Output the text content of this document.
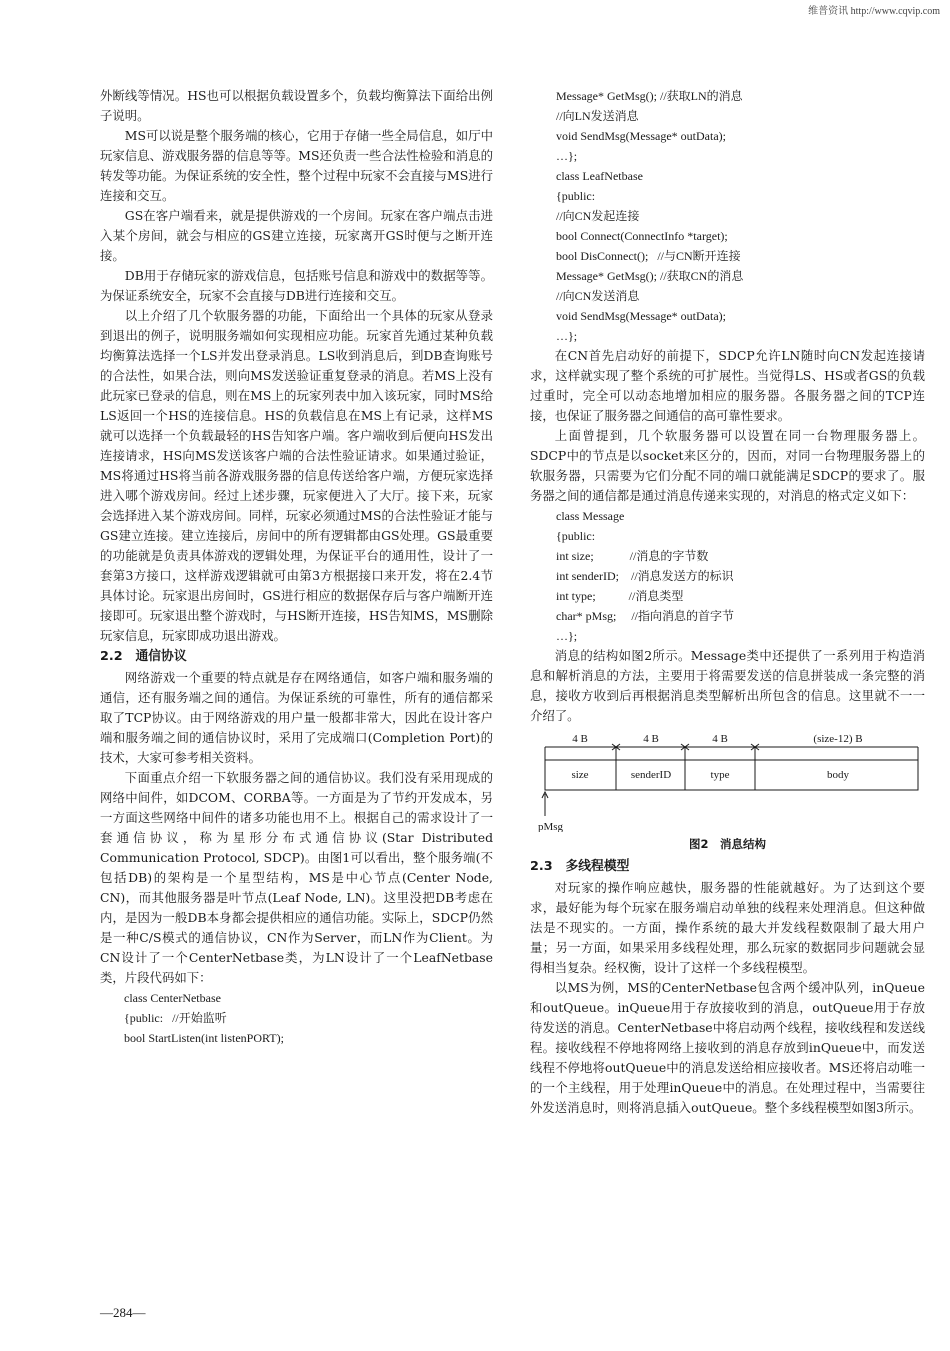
维普资讯 http://www.cqvip.com

外断线等情况。HS也可以根据负载设置多个，负载均衡算法下面给出例子说明。

MS可以说是整个服务端的核心，它用于存储一些全局信息，如厅中玩家信息、游戏服务器的信息等等。MS还负责一些合法性检验和消息的转发等功能。为保证系统的安全性，整个过程中玩家不会直接与MS进行连接和交互。

GS在客户端看来，就是提供游戏的一个房间。玩家在客户端点击进入某个房间，就会与相应的GS建立连接，玩家离开GS时便与之断开连接。

DB用于存储玩家的游戏信息，包括账号信息和游戏中的数据等等。为保证系统安全，玩家不会直接与DB进行连接和交互。

以上介绍了几个软服务器的功能，下面给出一个具体的玩家从登录到退出的例子，说明服务端如何实现相应功能。玩家首先通过某种负载均衡算法选择一个LS并发出登录消息。LS收到消息后，到DB查询账号的合法性，如果合法，则向MS发送验证重复登录的消息。若MS上没有此玩家已登录的信息，则在MS上的玩家列表中加入该玩家，同时MS给LS返回一个HS的连接信息。HS的负载信息在MS上有记录，这样MS就可以选择一个负载最轻的HS告知客户端。客户端收到后便向HS发出连接请求，HS向MS发送该客户端的合法性验证请求。如果通过验证，MS将通过HS将当前各游戏服务器的信息传送给客户端，方便玩家选择进入哪个游戏房间。经过上述步骤，玩家便进入了大厅。接下来，玩家会选择进入某个游戏房间。同样，玩家必须通过MS的合法性验证才能与GS建立连接。建立连接后，房间中的所有逻辑都由GS处理。GS最重要的功能就是负责具体游戏的逻辑处理，为保证平台的通用性，设计了一套第3方接口，这样游戏逻辑就可由第3方根据接口来开发，将在2.4节具体讨论。玩家退出房间时，GS进行相应的数据保存后与客户端断开连接即可。玩家退出整个游戏时，与HS断开连接，HS告知MS，MS删除玩家信息，玩家即成功退出游戏。

2.2　通信协议

网络游戏一个重要的特点就是存在网络通信，如客户端和服务端的通信，还有服务端之间的通信。为保证系统的可靠性，所有的通信都采取了TCP协议。由于网络游戏的用户量一般都非常大，因此在设计客户端和服务端之间的通信协议时，采用了完成端口(Completion Port)的技术，大家可参考相关资料。

下面重点介绍一下软服务器之间的通信协议。我们没有采用现成的网络中间件，如DCOM、CORBA等。一方面是为了节约开发成本，另一方面这些网络中间件的诸多功能也用不上。根据自己的需求设计了一套通信协议，称为星形分布式通信协议(Star Distributed Communication Protocol, SDCP)。由图1可以看出，整个服务端(不包括DB)的架构是一个星型结构，MS是中心节点(Center Node, CN)，而其他服务器是叶节点(Leaf Node, LN)。这里没把DB考虑在内，是因为一般DB本身都会提供相应的通信功能。实际上，SDCP仍然是一种C/S模式的通信协议，CN作为Server，而LN作为Client。为CN设计了一个CenterNetbase类，为LN设计了一个LeafNetbase类，片段代码如下：

class CenterNetbase
{public:   //开始监听
bool StartListen(int listenPORT);
Message* GetMsg(); //获取LN的消息
//向LN发送消息
void SendMsg(Message* outData);
…};
class LeafNetbase
{public:
//向CN发起连接
bool Connect(ConnectInfo *target);
bool DisConnect();   //与CN断开连接
Message* GetMsg(); //获取CN的消息
//向CN发送消息
void SendMsg(Message* outData);
…};

在CN首先启动好的前提下，SDCP允许LN随时向CN发起连接请求，这样就实现了整个系统的可扩展性。当觉得LS、HS或者GS的负载过重时，完全可以动态地增加相应的服务器。各服务器之间的TCP连接，也保证了服务器之间通信的高可靠性要求。

上面曾提到，几个软服务器可以设置在同一台物理服务器上。SDCP中的节点是以socket来区分的，因而，对同一台物理服务器上的软服务器，只需要为它们分配不同的端口就能满足SDCP的要求了。服务器之间的通信都是通过消息传递来实现的，对消息的格式定义如下：

class Message
{public:
int size;            //消息的字节数
int senderID;    //消息发送方的标识
int type;           //消息类型
char* pMsg;     //指向消息的首字节
…};

消息的结构如图2所示。Message类中还提供了一系列用于构造消息和解析消息的方法，主要用于将需要发送的信息拼装成一条完整的消息，接收方收到后再根据消息类型解析出所包含的信息。这里就不一一介绍了。

4 B	4 B	4 B	(size-12) B
size	senderID	type	body
pMsg
图2　消息结构
2.3　多线程模型

对玩家的操作响应越快，服务器的性能就越好。为了达到这个要求，最好能为每个玩家在服务端启动单独的线程来处理消息。但这种做法是不现实的。一方面，操作系统的最大并发线程数限制了最大用户量；另一方面，如果采用多线程处理，那么玩家的数据同步问题就会显得相当复杂。经权衡，设计了这样一个多线程模型。

以MS为例，MS的CenterNetbase包含两个缓冲队列，inQueue和outQueue。inQueue用于存放接收到的消息，outQueue用于存放待发送的消息。CenterNetbase中将启动两个线程，接收线程和发送线程。接收线程不停地将网络上接收到的消息存放到inQueue中，而发送线程不停地将outQueue中的消息发送给相应接收者。MS还将启动唯一的一个主线程，用于处理inQueue中的消息。在处理过程中，当需要往外发送消息时，则将消息插入outQueue。整个多线程模型如图3所示。

—284—
